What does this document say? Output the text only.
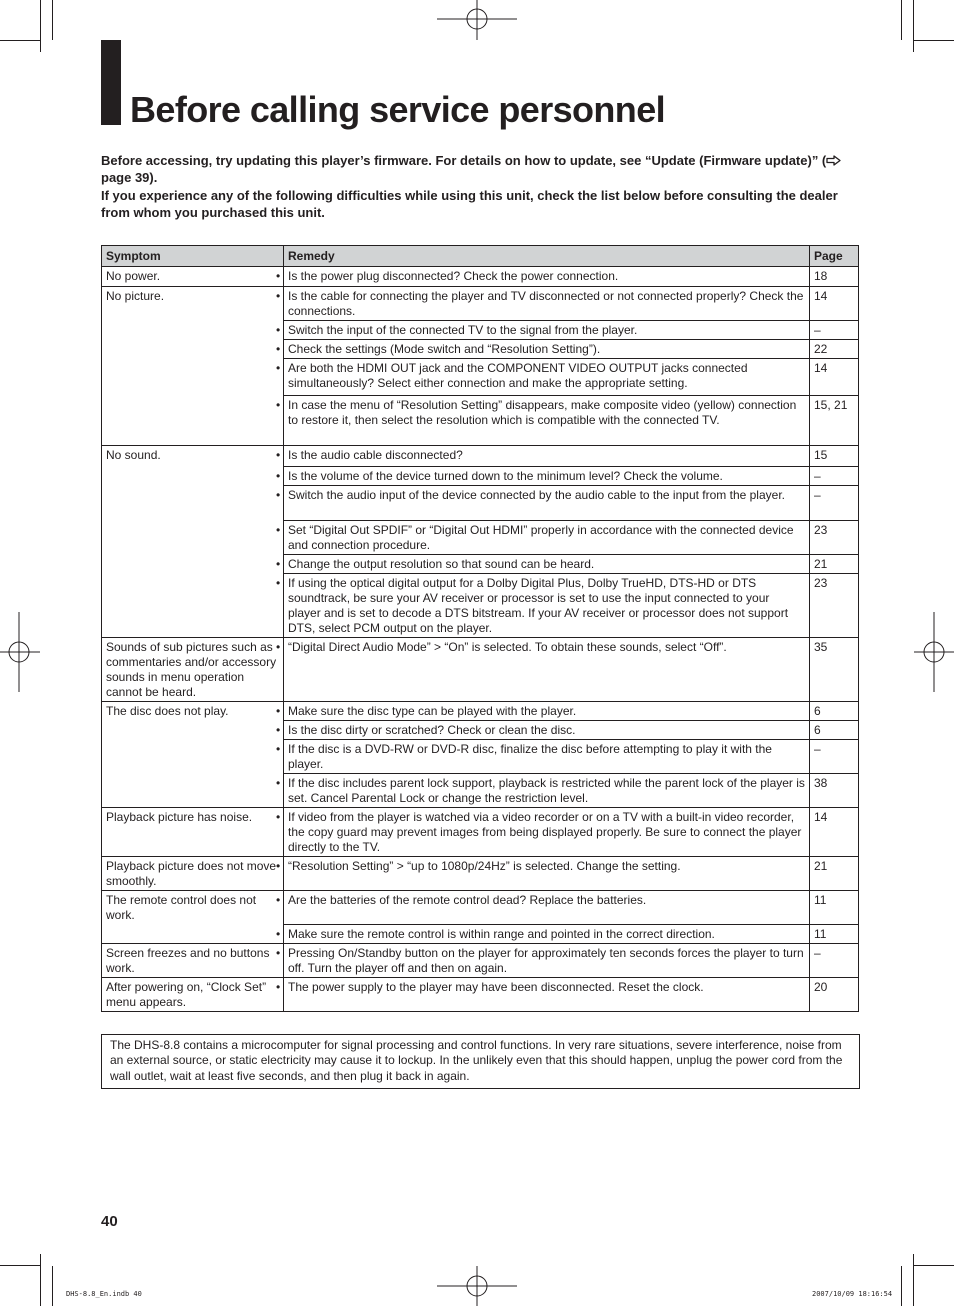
Before calling service personnel

Before accessing, try updating this player’s firmware. For details on how to update, see “Update (Firmware update)” ( page 39).

If you experience any of the following difficulties while using this unit, check the list below before consulting the dealer from whom you purchased this unit.

Symptom	Remedy	Page
No power.	• Is the power plug disconnected? Check the power connection.	18
No picture.	• Is the cable for connecting the player and TV disconnected or not connected properly? Check the connections.	14
	• Switch the input of the connected TV to the signal from the player.	–
	• Check the settings (Mode switch and “Resolution Setting”).	22
	• Are both the HDMI OUT jack and the COMPONENT VIDEO OUTPUT jacks connected simultaneously? Select either connection and make the appropriate setting.	14
	• In case the menu of “Resolution Setting” disappears, make composite video (yellow) connection to restore it, then select the resolution which is compatible with the connected TV.	15, 21
No sound.	• Is the audio cable disconnected?	15
	• Is the volume of the device turned down to the minimum level? Check the volume.	–
	• Switch the audio input of the device connected by the audio cable to the input from the player.	–
	• Set “Digital Out SPDIF” or “Digital Out HDMI” properly in accordance with the connected device and connection procedure.	23
	• Change the output resolution so that sound can be heard.	21
	• If using the optical digital output for a Dolby Digital Plus, Dolby TrueHD, DTS-HD or DTS soundtrack, be sure your AV receiver or processor is set to use the input connected to your player and is set to decode a DTS bitstream. If your AV receiver or processor does not support DTS, select PCM output on the player.	23
Sounds of sub pictures such as commentaries and/or accessory sounds in menu operation cannot be heard.	• “Digital Direct Audio Mode” > “On” is selected. To obtain these sounds, select “Off”.	35
The disc does not play.	• Make sure the disc type can be played with the player.	6
	• Is the disc dirty or scratched? Check or clean the disc.	6
	• If the disc is a DVD-RW or DVD-R disc, finalize the disc before attempting to play it with the player.	–
	• If the disc includes parent lock support, playback is restricted while the parent lock of the player is set. Cancel Parental Lock or change the restriction level.	38
Playback picture has noise.	• If video from the player is watched via a video recorder or on a TV with a built-in video recorder, the copy guard may prevent images from being displayed properly. Be sure to connect the player directly to the TV.	14
Playback picture does not move smoothly.	• “Resolution Setting” > “up to 1080p/24Hz” is selected. Change the setting.	21
The remote control does not work.	• Are the batteries of the remote control dead? Replace the batteries.	11
	• Make sure the remote control is within range and pointed in the correct direction.	11
Screen freezes and no buttons work.	• Pressing On/Standby button on the player for approximately ten seconds forces the player to turn off. Turn the player off and then on again.	–
After powering on, “Clock Set” menu appears.	• The power supply to the player may have been disconnected. Reset the clock.	20
The DHS-8.8 contains a microcomputer for signal processing and control functions. In very rare situations, severe interference, noise from an external source, or static electricity may cause it to lockup. In the unlikely even that this should happen, unplug the power cord from the wall outlet, wait at least five seconds, and then plug it back in again.
40
DHS-8.8_En.indb 40	2007/10/09 18:16:54
